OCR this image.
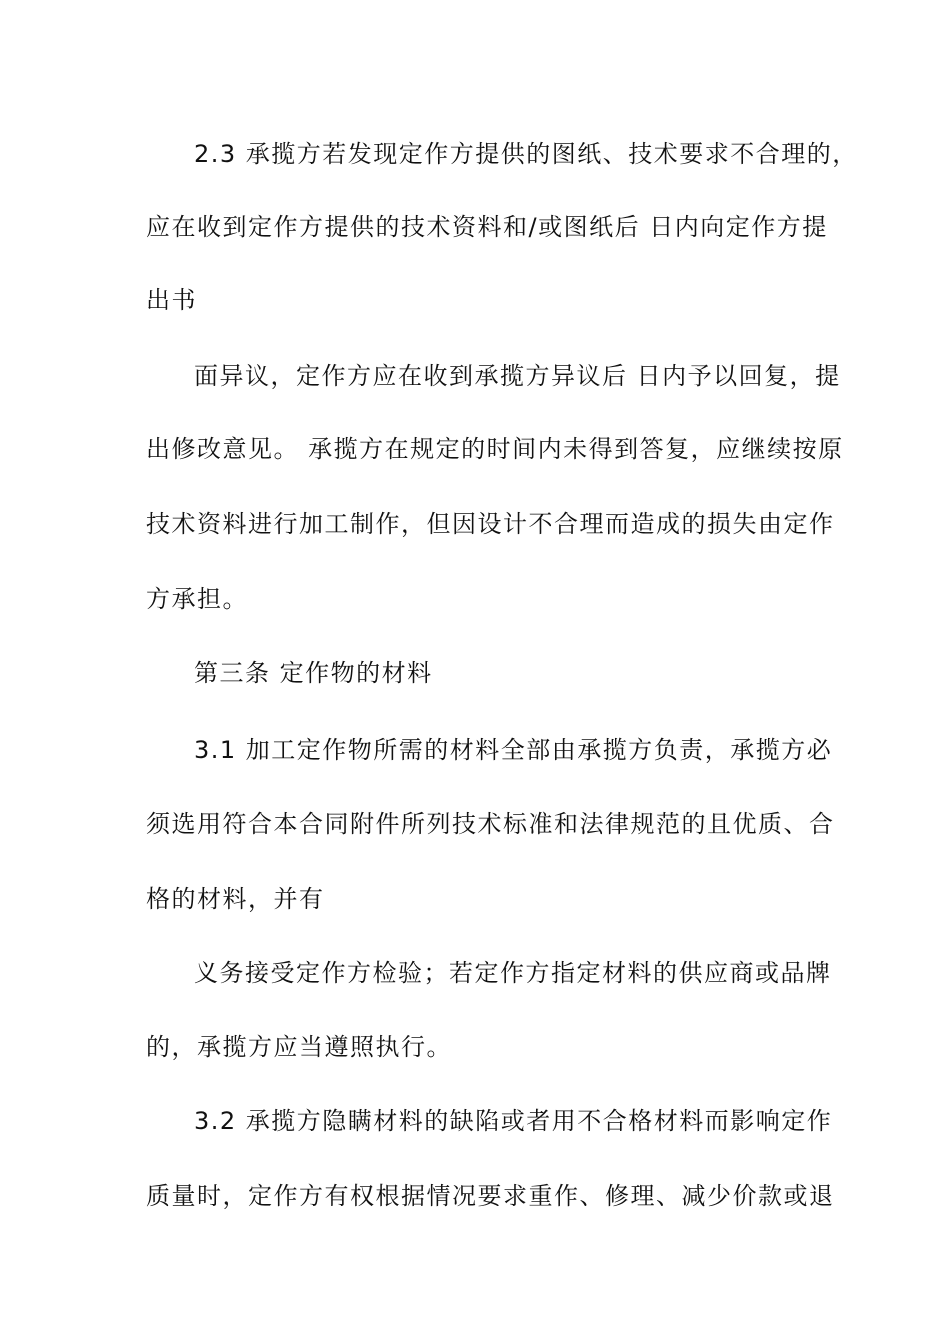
2.3 承揽方若发现定作方提供的图纸、技术要求不合理的，
应在收到定作方提供的技术资料和/或图纸后 日内向定作方提
出书
面异议，定作方应在收到承揽方异议后 日内予以回复，提
出修改意见。 承揽方在规定的时间内未得到答复，应继续按原
技术资料进行加工制作，但因设计不合理而造成的损失由定作
方承担。
第三条 定作物的材料
3.1 加工定作物所需的材料全部由承揽方负责，承揽方必
须选用符合本合同附件所列技术标准和法律规范的且优质、合
格的材料，并有
义务接受定作方检验；若定作方指定材料的供应商或品牌
的，承揽方应当遵照执行。
3.2 承揽方隐瞒材料的缺陷或者用不合格材料而影响定作
质量时，定作方有权根据情况要求重作、修理、减少价款或退
